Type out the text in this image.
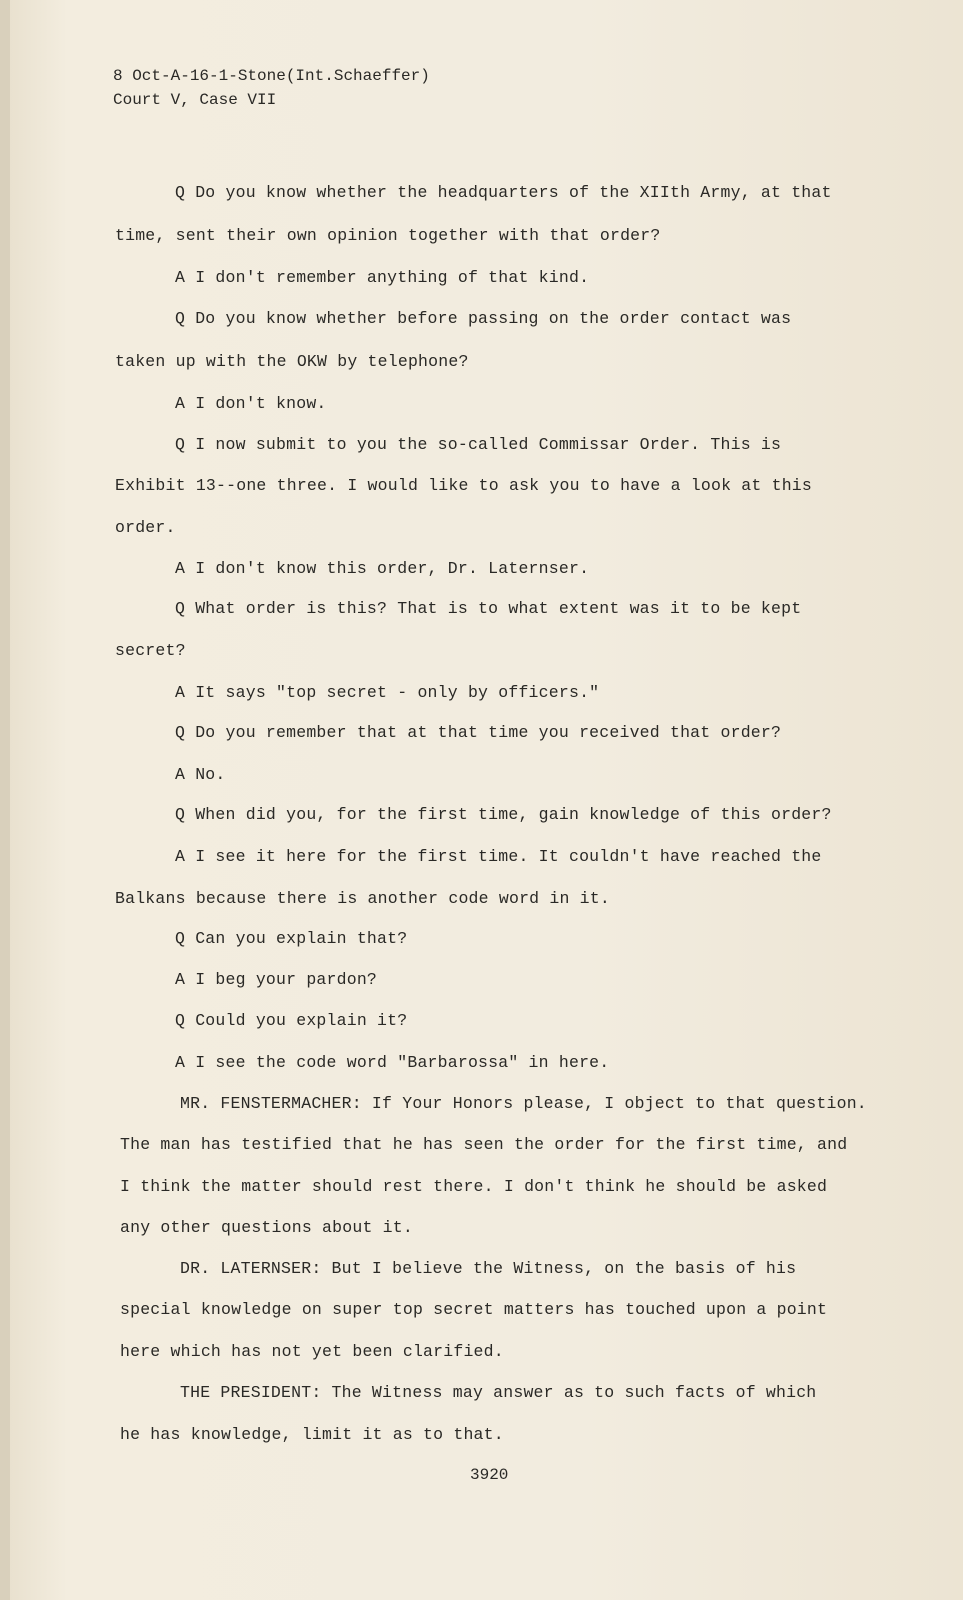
8 Oct-A-16-1-Stone(Int.Schaeffer)
Court V, Case VII
Q Do you know whether the headquarters of the XIIth Army, at that
time, sent their own opinion together with that order?
A I don't remember anything of that kind.
Q Do you know whether before passing on the order contact was
taken up with the OKW by telephone?
A I don't know.
Q I now submit to you the so-called Commissar Order. This is
Exhibit 13--one three. I would like to ask you to have a look at this
order.
A I don't know this order, Dr. Laternser.
Q What order is this? That is to what extent was it to be kept
secret?
A It says "top secret - only by officers."
Q Do you remember that at that time you received that order?
A No.
Q When did you, for the first time, gain knowledge of this order?
A I see it here for the first time. It couldn't have reached the
Balkans because there is another code word in it.
Q Can you explain that?
A I beg your pardon?
Q Could you explain it?
A I see the code word "Barbarossa" in here.
MR. FENSTERMACHER: If Your Honors please, I object to that question.
The man has testified that he has seen the order for the first time, and
I think the matter should rest there. I don't think he should be asked
any other questions about it.
DR. LATERNSER: But I believe the Witness, on the basis of his
special knowledge on super top secret matters has touched upon a point
here which has not yet been clarified.
THE PRESIDENT: The Witness may answer as to such facts of which
he has knowledge, limit it as to that.
3920
